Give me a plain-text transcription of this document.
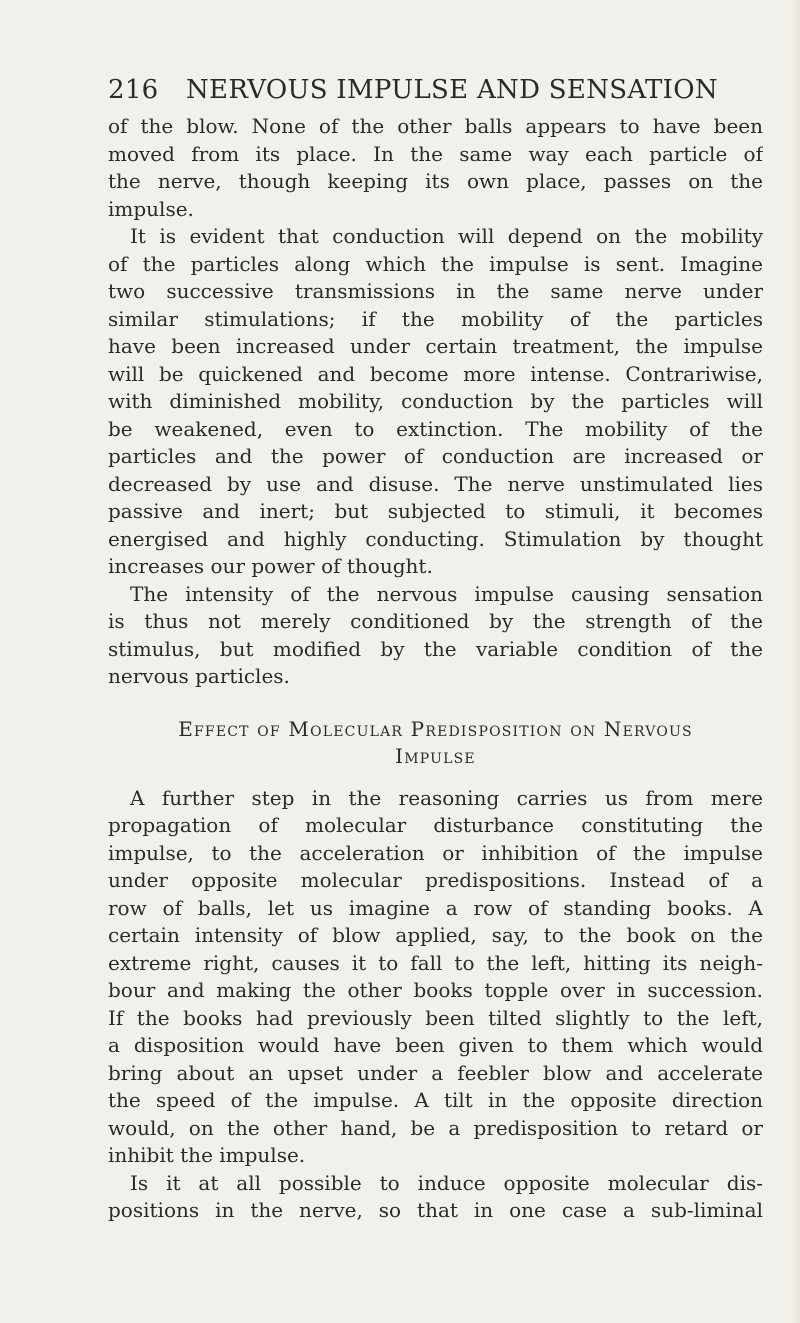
216 NERVOUS IMPULSE AND SENSATION
of the blow. None of the other balls appears to have been
moved from its place. In the same way each particle of
the nerve, though keeping its own place, passes on the
impulse.
It is evident that conduction will depend on the mobility
of the particles along which the impulse is sent. Imagine
two successive transmissions in the same nerve under
similar stimulations; if the mobility of the particles
have been increased under certain treatment, the impulse
will be quickened and become more intense. Contrariwise,
with diminished mobility, conduction by the particles will
be weakened, even to extinction. The mobility of the
particles and the power of conduction are increased or
decreased by use and disuse. The nerve unstimulated lies
passive and inert; but subjected to stimuli, it becomes
energised and highly conducting. Stimulation by thought
increases our power of thought.
The intensity of the nervous impulse causing sensation
is thus not merely conditioned by the strength of the
stimulus, but modified by the variable condition of the
nervous particles.
Effect of Molecular Predisposition on Nervous
Impulse
A further step in the reasoning carries us from mere
propagation of molecular disturbance constituting the
impulse, to the acceleration or inhibition of the impulse
under opposite molecular predispositions. Instead of a
row of balls, let us imagine a row of standing books. A
certain intensity of blow applied, say, to the book on the
extreme right, causes it to fall to the left, hitting its neigh-
bour and making the other books topple over in succession.
If the books had previously been tilted slightly to the left,
a disposition would have been given to them which would
bring about an upset under a feebler blow and accelerate
the speed of the impulse. A tilt in the opposite direction
would, on the other hand, be a predisposition to retard or
inhibit the impulse.
Is it at all possible to induce opposite molecular dis-
positions in the nerve, so that in one case a sub-liminal
